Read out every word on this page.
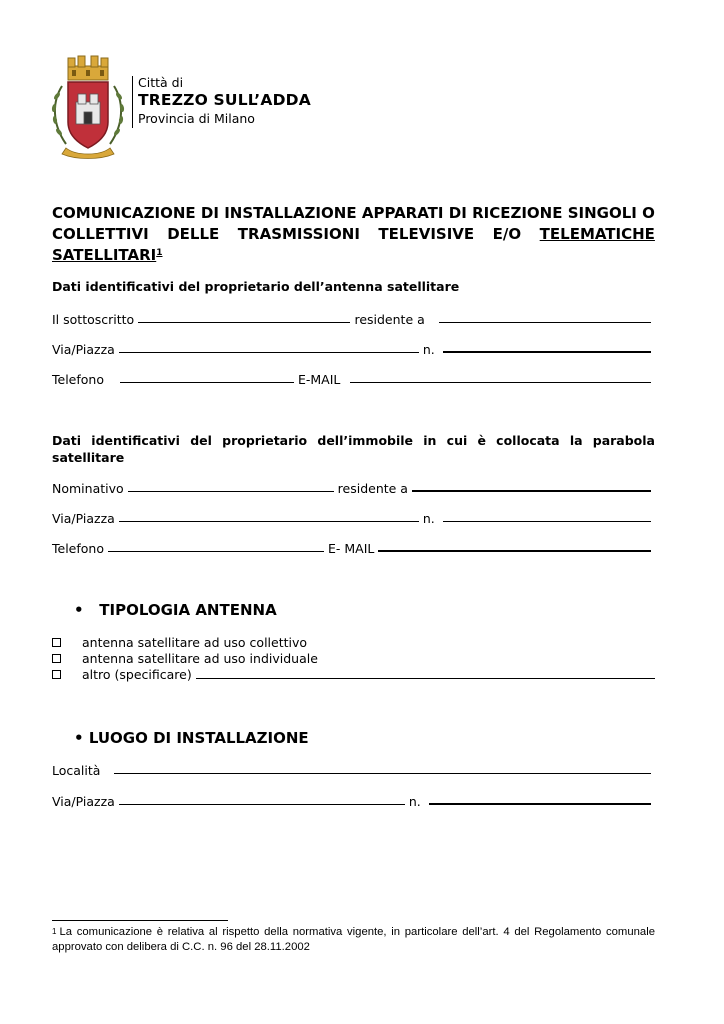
Città di
TREZZO SULL’ADDA
Provincia di Milano
COMUNICAZIONE DI INSTALLAZIONE APPARATI DI RICEZIONE SINGOLI O
COLLETTIVI DELLE TRASMISSIONI TELEVISIVE E/O TELEMATICHE
SATELLITARI$^1$
Dati identificativi del proprietario dell’antenna satellitare
Il sottoscritto	residente a
Via/Piazza	n.
Telefono	E-MAIL
Dati identificativi del proprietario dell’immobile in cui è collocata la parabola satellitare
Nominativo	residente a
Via/Piazza	n.
Telefono	E- MAIL
• TIPOLOGIA ANTENNA
antenna satellitare ad uso collettivo
antenna satellitare ad uso individuale
altro (specificare)
• LUOGO DI INSTALLAZIONE
Località
Via/Piazza	n.
$^1$ La comunicazione è relativa al rispetto della normativa vigente, in particolare dell’art. 4 del Regolamento comunale approvato con delibera di C.C. n. 96 del 28.11.2002
